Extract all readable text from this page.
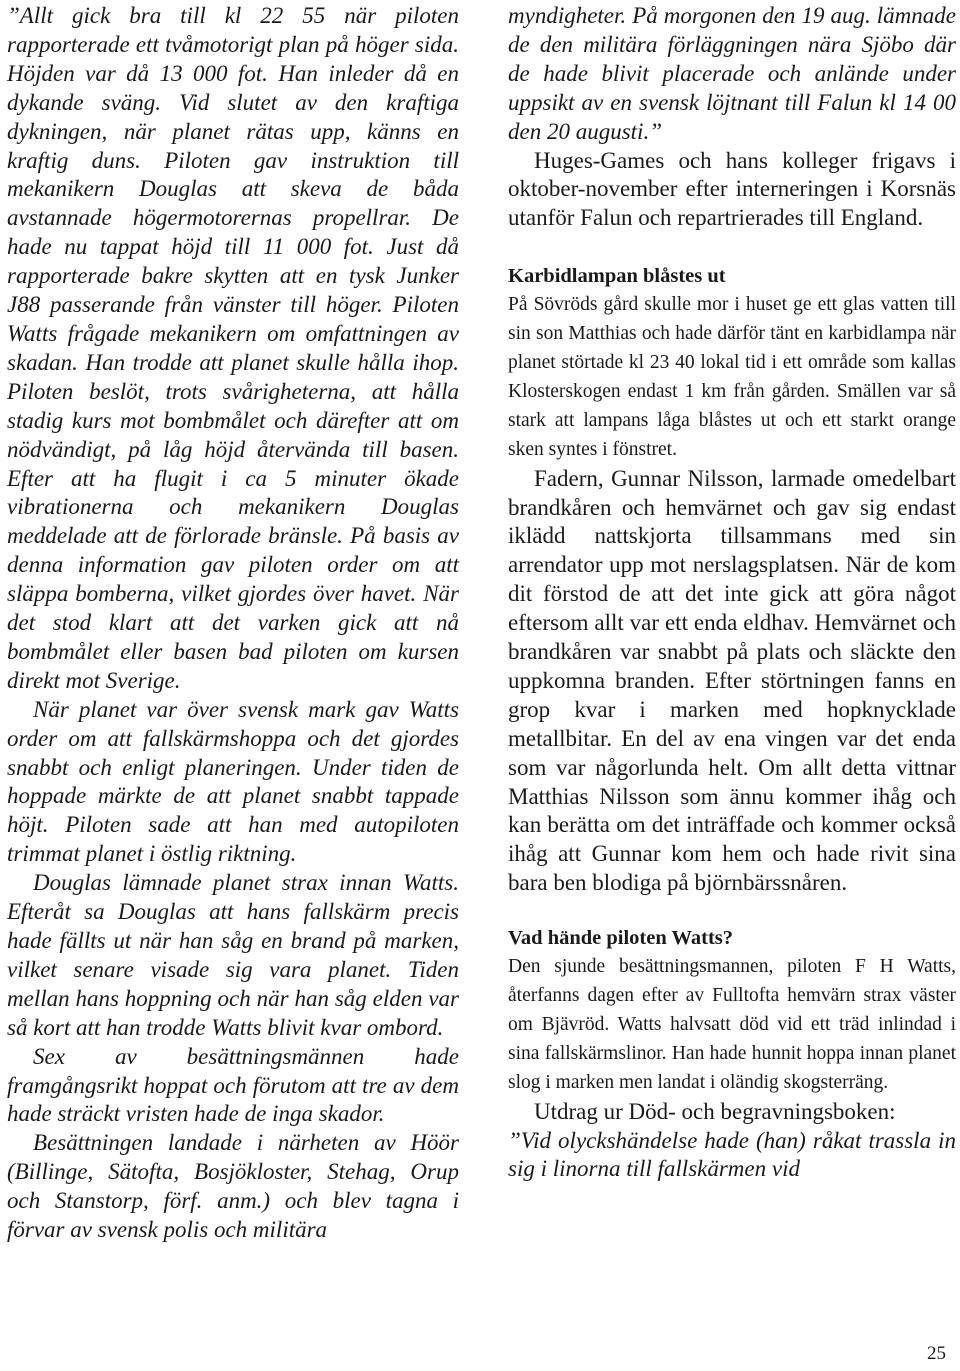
”Allt gick bra till kl 22 55 när piloten rapporterade ett tvåmotorigt plan på höger sida. Höjden var då 13 000 fot. Han inleder då en dykande sväng. Vid slutet av den kraftiga dykningen, när planet rätas upp, känns en kraftig duns. Piloten gav instruktion till mekanikern Douglas att skeva de båda avstannade högermotorernas propellrar. De hade nu tappat höjd till 11 000 fot. Just då rapporterade bakre skytten att en tysk Junker J88 passerande från vänster till höger. Piloten Watts frågade mekanikern om omfattningen av skadan. Han trodde att planet skulle hålla ihop. Piloten beslöt, trots svårigheterna, att hålla stadig kurs mot bombmålet och därefter att om nödvändigt, på låg höjd återvända till basen. Efter att ha flugit i ca 5 minuter ökade vibrationerna och mekanikern Douglas meddelade att de förlorade bränsle. På basis av denna information gav piloten order om att släppa bomberna, vilket gjordes över havet. När det stod klart att det varken gick att nå bombmålet eller basen bad piloten om kursen direkt mot Sverige.

När planet var över svensk mark gav Watts order om att fallskärmshoppa och det gjordes snabbt och enligt planeringen. Under tiden de hoppade märkte de att planet snabbt tappade höjt. Piloten sade att han med autopiloten trimmat planet i östlig riktning.

Douglas lämnade planet strax innan Watts. Efteråt sa Douglas att hans fallskärm precis hade fällts ut när han såg en brand på marken, vilket senare visade sig vara planet. Tiden mellan hans hoppning och när han såg elden var så kort att han trodde Watts blivit kvar ombord.

Sex av besättningsmännen hade framgångsrikt hoppat och förutom att tre av dem hade sträckt vristen hade de inga skador.

Besättningen landade i närheten av Höör (Billinge, Sätofta, Bosjökloster, Stehag, Orup och Stanstorp, förf. anm.) och blev tagna i förvar av svensk polis och militära

myndigheter. På morgonen den 19 aug. lämnade de den militära förläggningen nära Sjöbo där de hade blivit placerade och anlände under uppsikt av en svensk löjtnant till Falun kl 14 00 den 20 augusti.”

Huges-Games och hans kolleger frigavs i oktober-november efter interneringen i Korsnäs utanför Falun och repartrierades till England.

Karbidlampan blåstes ut

På Sövröds gård skulle mor i huset ge ett glas vatten till sin son Matthias och hade därför tänt en karbidlampa när planet störtade kl 23 40 lokal tid i ett område som kallas Klosterskogen endast 1 km från gården. Smällen var så stark att lampans låga blåstes ut och ett starkt orange sken syntes i fönstret.

Fadern, Gunnar Nilsson, larmade omedelbart brandkåren och hemvärnet och gav sig endast iklädd nattskjorta tillsammans med sin arrendator upp mot nerslagsplatsen. När de kom dit förstod de att det inte gick att göra något eftersom allt var ett enda eldhav. Hemvärnet och brandkåren var snabbt på plats och släckte den uppkomna branden. Efter störtningen fanns en grop kvar i marken med hopknycklade metallbitar. En del av ena vingen var det enda som var någorlunda helt. Om allt detta vittnar Matthias Nilsson som ännu kommer ihåg och kan berätta om det inträffade och kommer också ihåg att Gunnar kom hem och hade rivit sina bara ben blodiga på björnbärssnåren.

Vad hände piloten Watts?

Den sjunde besättningsmannen, piloten F H Watts, återfanns dagen efter av Fulltofta hemvärn strax väster om Bjävröd. Watts halvsatt död vid ett träd inlindad i sina fallskärmslinor. Han hade hunnit hoppa innan planet slog i marken men landat i oländig skogsterräng.

Utdrag ur Död- och begravningsboken:

”Vid olyckshändelse hade (han) råkat trassla in sig i linorna till fallskärmen vid

25
